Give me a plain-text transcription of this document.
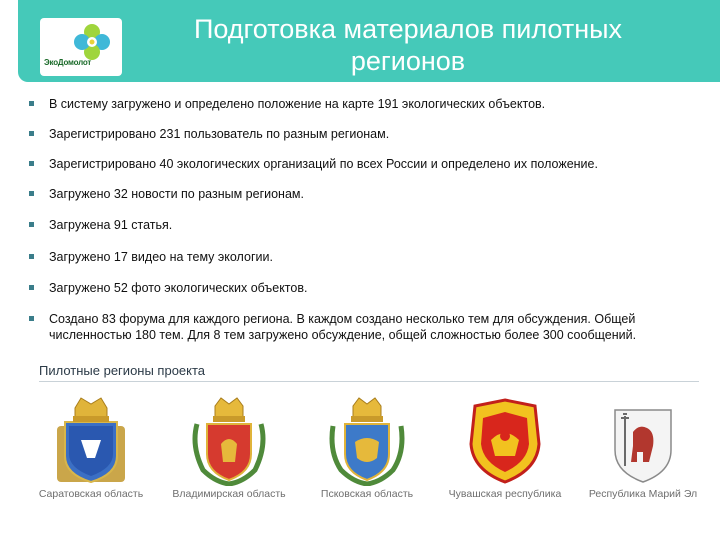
ЭкоДомолот
Подготовка материалов пилотных регионов
В систему загружено и определено положение на карте 191 экологических объектов.
Зарегистрировано 231 пользователь по разным регионам.
Зарегистрировано 40 экологических организаций по всех России и определено их положение.
Загружено 32 новости по разным регионам.
Загружена 91 статья.
Загружено 17 видео на тему экологии.
Загружено 52 фото экологических объектов.
Создано 83 форума для каждого региона. В каждом создано несколько тем для обсуждения. Общей численностью 180 тем. Для 8 тем загружено обсуждение, общей сложностью более 300 сообщений.
Пилотные регионы проекта
Саратовская область	Владимирская область	Псковская область	Чувашская республика	Республика Марий Эл
